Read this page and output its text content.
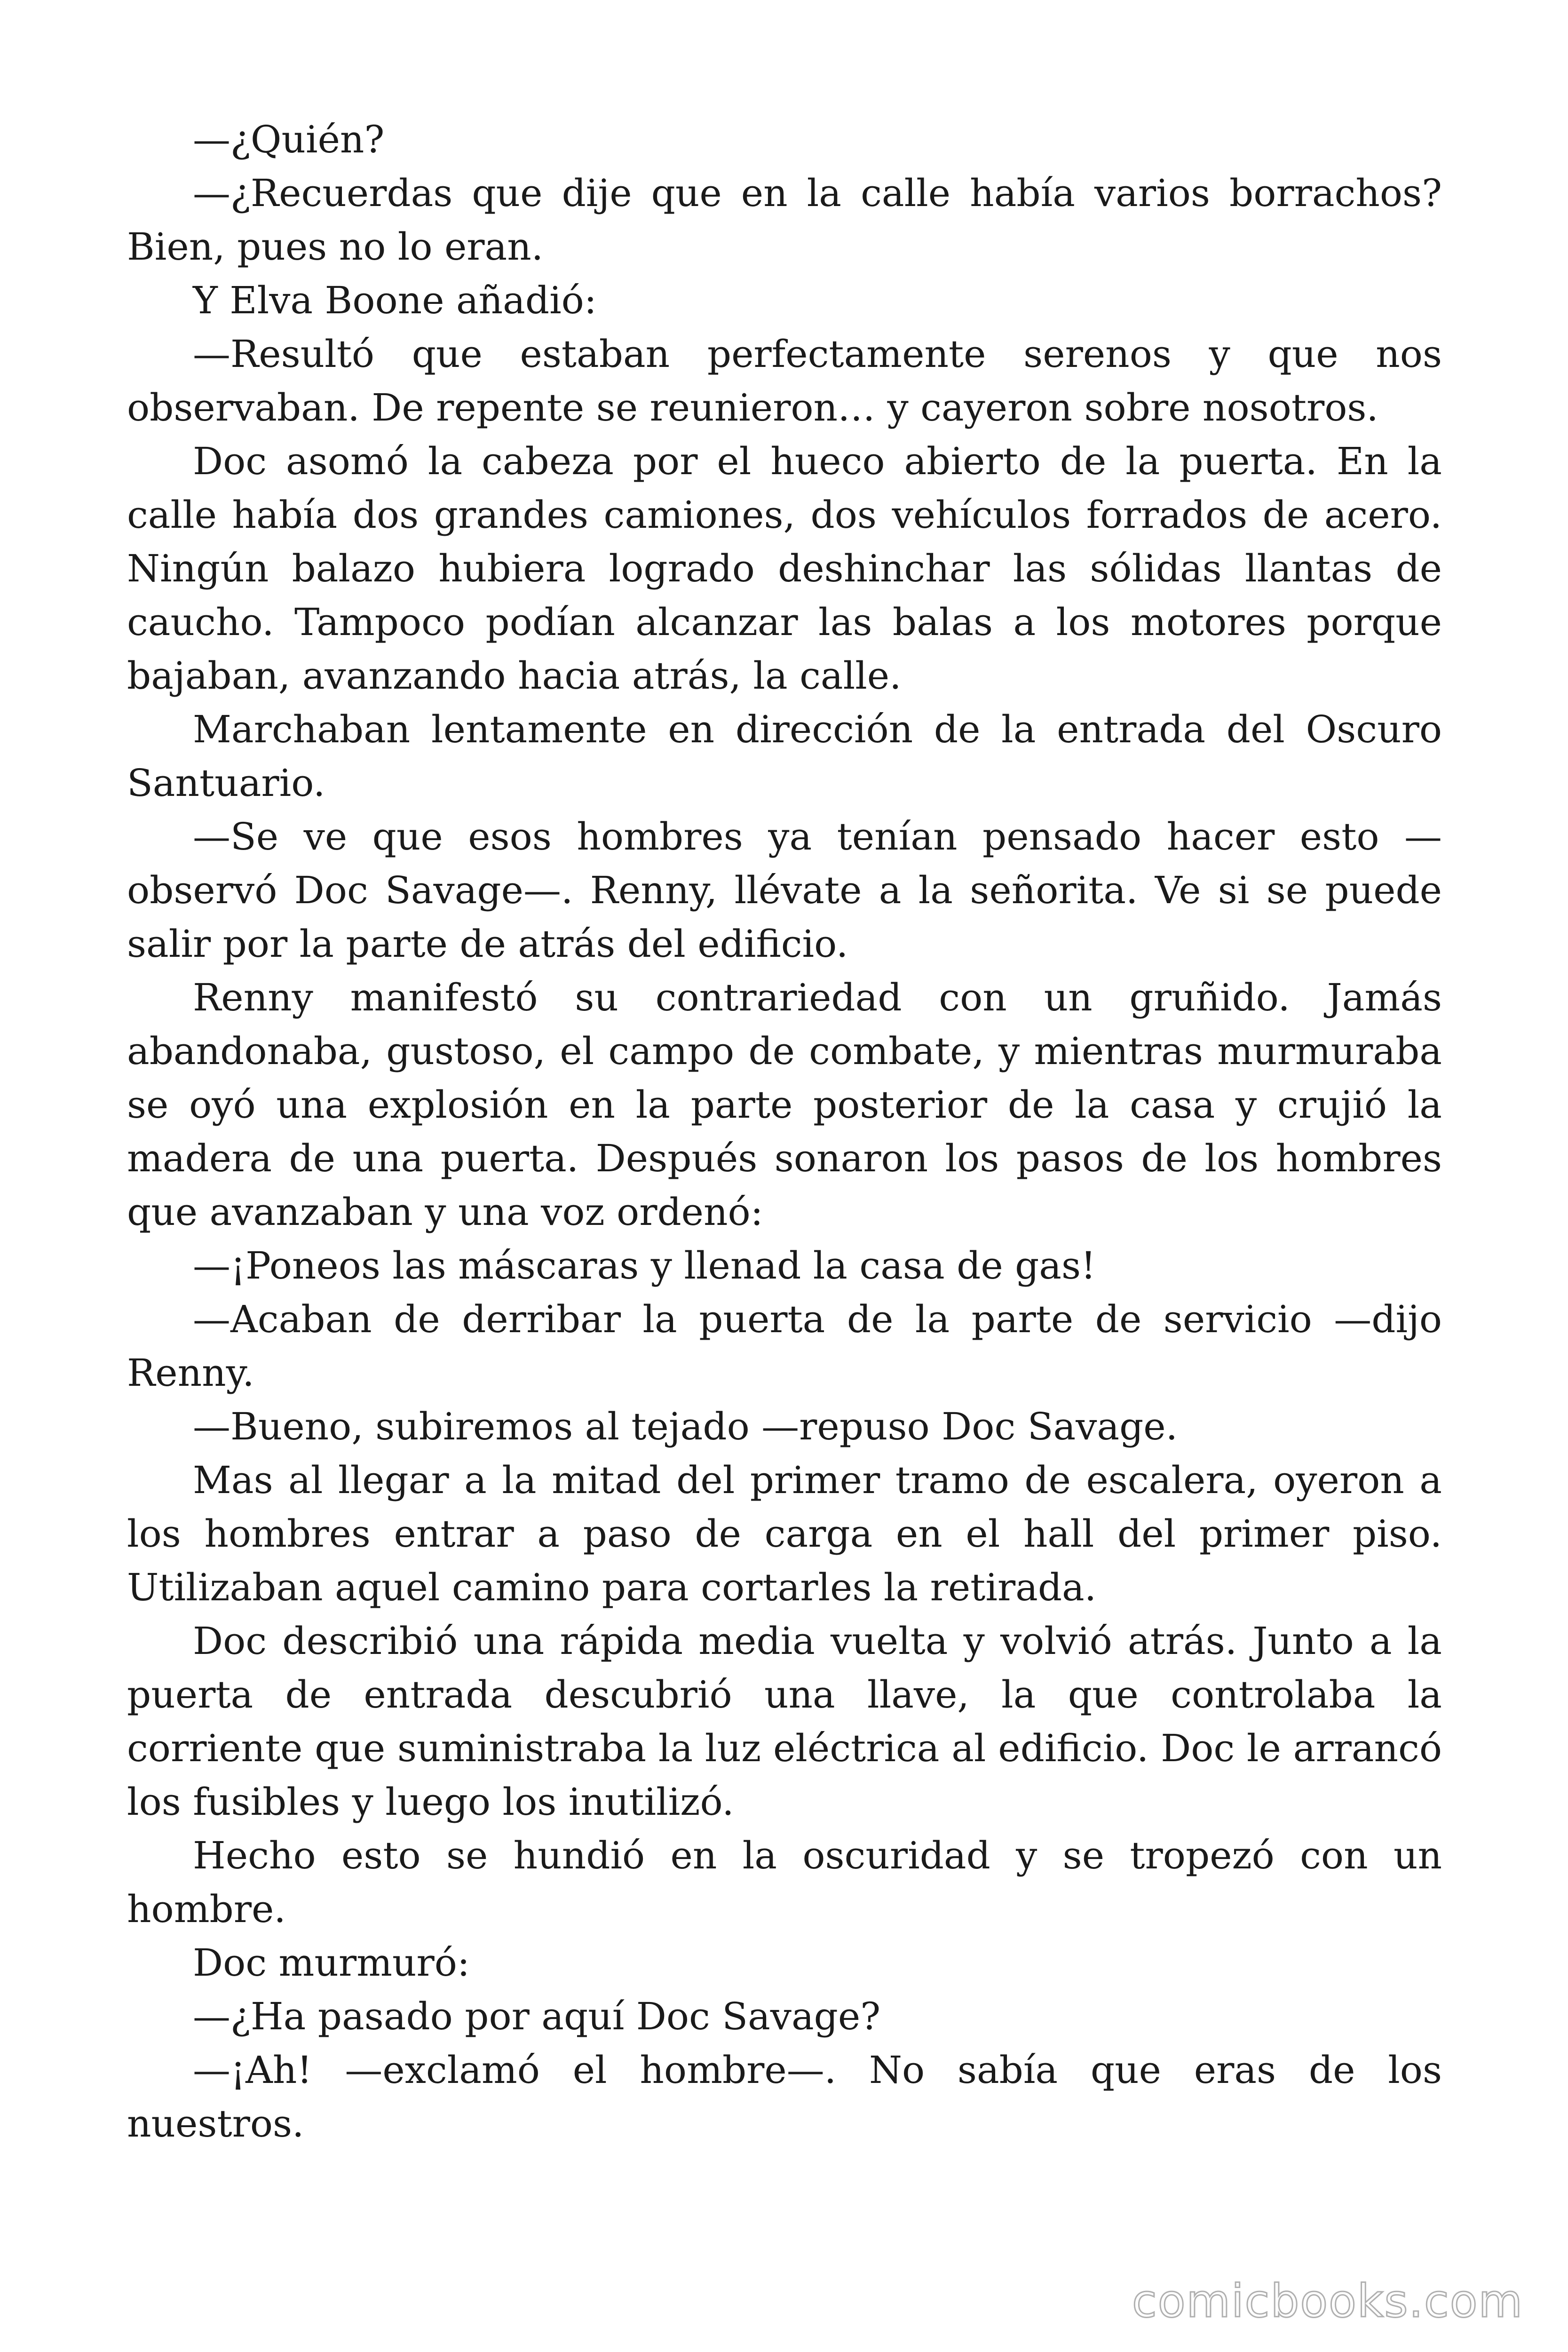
—¿Quién?

—¿Recuerdas que dije que en la calle había varios borrachos? Bien, pues no lo eran.

Y Elva Boone añadió:

—Resultó que estaban perfectamente serenos y que nos observaban. De repente se reunieron… y cayeron sobre nosotros.

Doc asomó la cabeza por el hueco abierto de la puerta. En la calle había dos grandes camiones, dos vehículos forrados de acero. Ningún balazo hubiera logrado deshinchar las sólidas llantas de caucho. Tampoco podían alcanzar las balas a los motores porque bajaban, avanzando hacia atrás, la calle.

Marchaban lentamente en dirección de la entrada del Oscuro Santuario.

—Se ve que esos hombres ya tenían pensado hacer esto —observó Doc Savage—. Renny, llévate a la señorita. Ve si se puede salir por la parte de atrás del edificio.

Renny manifestó su contrariedad con un gruñido. Jamás abandonaba, gustoso, el campo de combate, y mientras murmuraba se oyó una explosión en la parte posterior de la casa y crujió la madera de una puerta. Después sonaron los pasos de los hombres que avanzaban y una voz ordenó:

—¡Poneos las máscaras y llenad la casa de gas!

—Acaban de derribar la puerta de la parte de servicio —dijo Renny.

—Bueno, subiremos al tejado —repuso Doc Savage.

Mas al llegar a la mitad del primer tramo de escalera, oyeron a los hombres entrar a paso de carga en el hall del primer piso. Utilizaban aquel camino para cortarles la retirada.

Doc describió una rápida media vuelta y volvió atrás. Junto a la puerta de entrada descubrió una llave, la que controlaba la corriente que suministraba la luz eléctrica al edificio. Doc le arrancó los fusibles y luego los inutilizó.

Hecho esto se hundió en la oscuridad y se tropezó con un hombre.

Doc murmuró:

—¿Ha pasado por aquí Doc Savage?

—¡Ah! —exclamó el hombre—. No sabía que eras de los nuestros.

comicbooks.com
